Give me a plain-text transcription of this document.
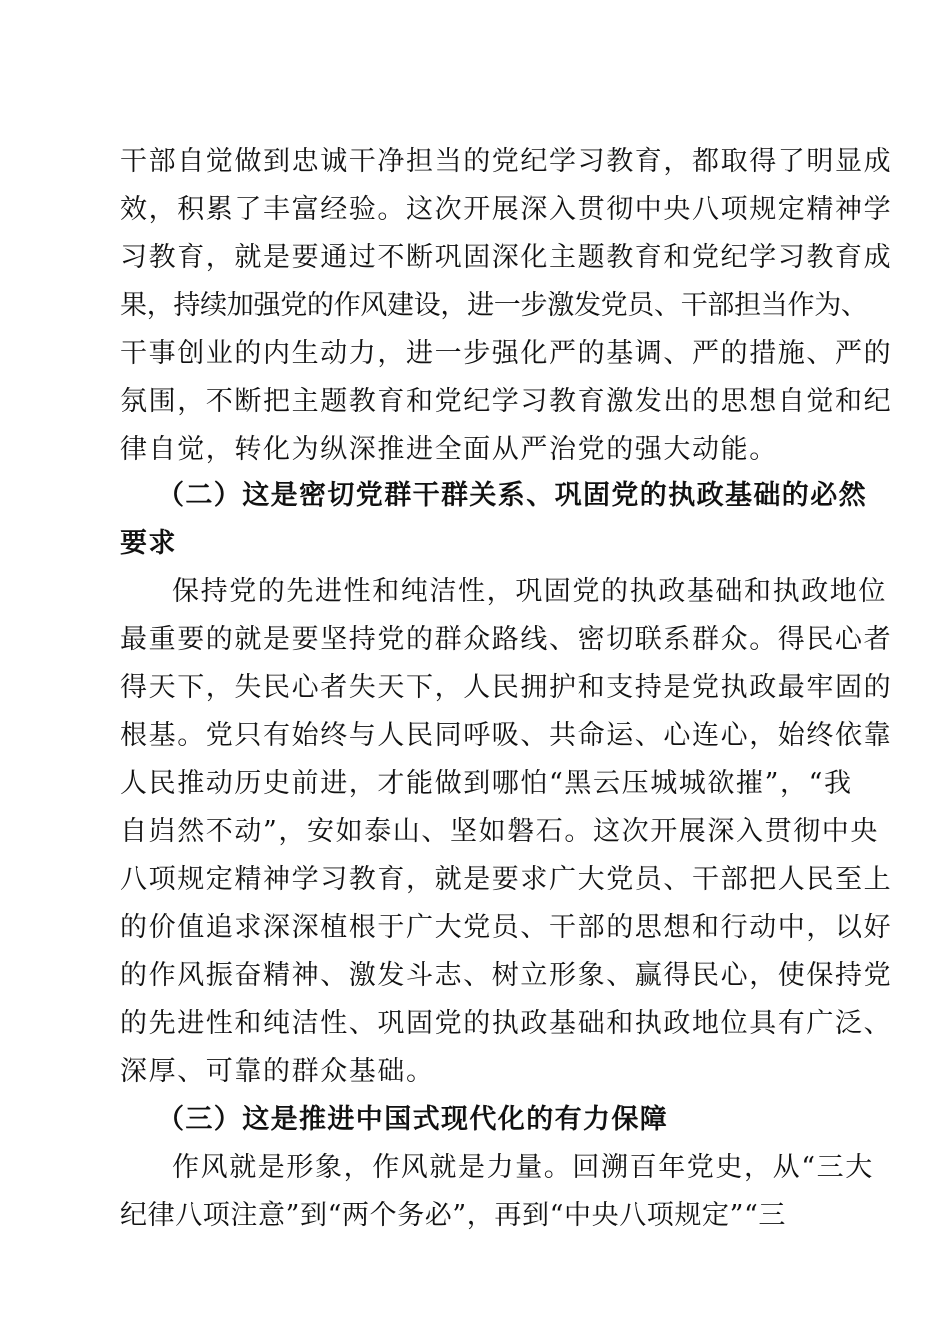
干部自觉做到忠诚干净担当的党纪学习教育，都取得了明显成
效，积累了丰富经验。这次开展深入贯彻中央八项规定精神学
习教育，就是要通过不断巩固深化主题教育和党纪学习教育成
果，持续加强党的作风建设，进一步激发党员、干部担当作为、
干事创业的内生动力，进一步强化严的基调、严的措施、严的
氛围，不断把主题教育和党纪学习教育激发出的思想自觉和纪
律自觉，转化为纵深推进全面从严治党的强大动能。
（二）这是密切党群干群关系、巩固党的执政基础的必然
要求
保持党的先进性和纯洁性，巩固党的执政基础和执政地位
最重要的就是要坚持党的群众路线、密切联系群众。得民心者
得天下，失民心者失天下，人民拥护和支持是党执政最牢固的
根基。党只有始终与人民同呼吸、共命运、心连心，始终依靠
人民推动历史前进，才能做到哪怕“黑云压城城欲摧”，“我
自岿然不动”，安如泰山、坚如磐石。这次开展深入贯彻中央
八项规定精神学习教育，就是要求广大党员、干部把人民至上
的价值追求深深植根于广大党员、干部的思想和行动中，以好
的作风振奋精神、激发斗志、树立形象、赢得民心，使保持党
的先进性和纯洁性、巩固党的执政基础和执政地位具有广泛、
深厚、可靠的群众基础。
（三）这是推进中国式现代化的有力保障
作风就是形象，作风就是力量。回溯百年党史，从“三大
纪律八项注意”到“两个务必”，再到“中央八项规定”“三
